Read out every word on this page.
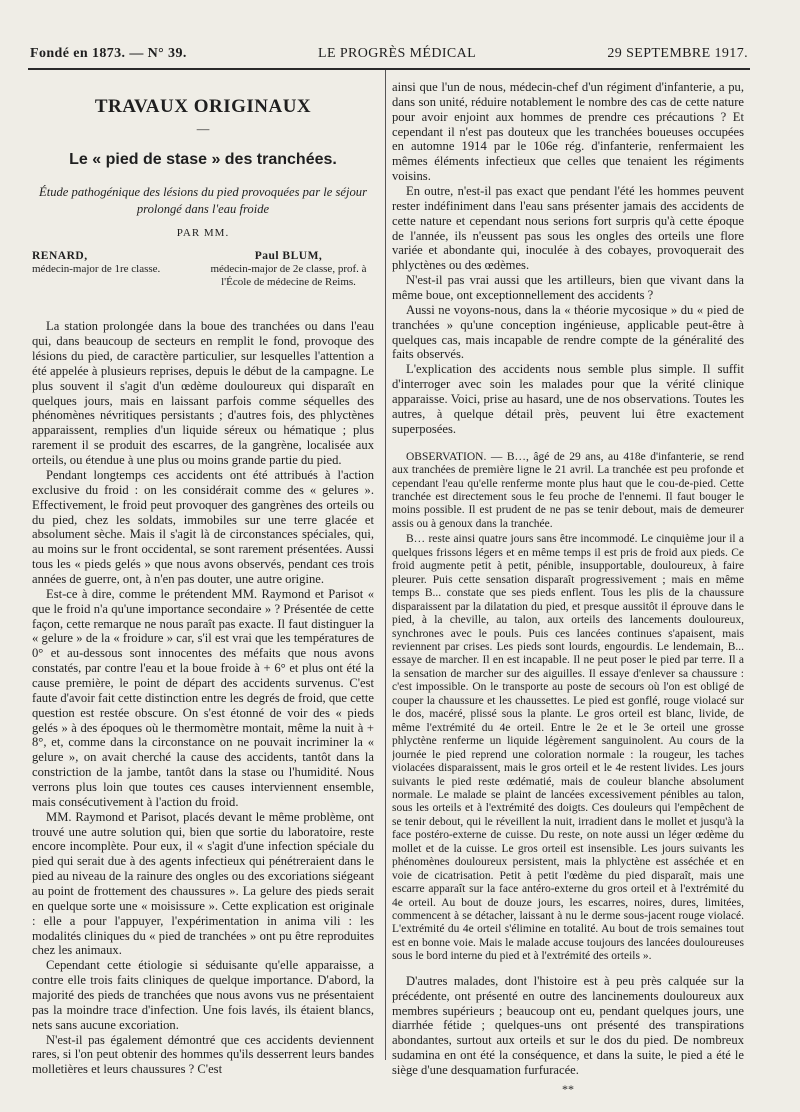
Fondé en 1873. — N° 39.	LE PROGRÈS MÉDICAL	29 SEPTEMBRE 1917.
TRAVAUX ORIGINAUX
—
Le « pied de stase » des tranchées.
Étude pathogénique des lésions du pied provoquées par le séjour prolongé dans l'eau froide
PAR MM.
RENARD,
médecin-major de 1re classe.
Paul BLUM,
médecin-major de 2e classe, prof. à l'École de médecine de Reims.

La station prolongée dans la boue des tranchées ou dans l'eau qui, dans beaucoup de secteurs en remplit le fond, provoque des lésions du pied, de caractère particulier, sur lesquelles l'attention a été appelée à plusieurs reprises, depuis le début de la campagne. Le plus souvent il s'agit d'un œdème douloureux qui disparaît en quelques jours, mais en laissant parfois comme séquelles des phénomènes névritiques persistants ; d'autres fois, des phlyctènes apparaissent, remplies d'un liquide séreux ou hématique ; plus rarement il se produit des escarres, de la gangrène, localisée aux orteils, ou étendue à une plus ou moins grande partie du pied.

Pendant longtemps ces accidents ont été attribués à l'action exclusive du froid : on les considérait comme des « gelures ». Effectivement, le froid peut provoquer des gangrènes des orteils ou du pied, chez les soldats, immobiles sur une terre glacée et absolument sèche. Mais il s'agit là de circonstances spéciales, qui, au moins sur le front occidental, se sont rarement présentées. Aussi tous les « pieds gelés » que nous avons observés, pendant ces trois années de guerre, ont, à n'en pas douter, une autre origine.

Est-ce à dire, comme le prétendent MM. Raymond et Parisot « que le froid n'a qu'une importance secondaire » ? Présentée de cette façon, cette remarque ne nous paraît pas exacte. Il faut distinguer la « gelure » de la « froidure » car, s'il est vrai que les températures de 0° et au-dessous sont innocentes des méfaits que nous avons constatés, par contre l'eau et la boue froide à + 6° et plus ont été la cause première, le point de départ des accidents survenus. C'est faute d'avoir fait cette distinction entre les degrés de froid, que cette question est restée obscure. On s'est étonné de voir des « pieds gelés » à des époques où le thermomètre montait, même la nuit à + 8°, et, comme dans la circonstance on ne pouvait incriminer la « gelure », on avait cherché la cause des accidents, tantôt dans la constriction de la jambe, tantôt dans la stase ou l'humidité. Nous verrons plus loin que toutes ces causes interviennent ensemble, mais consécutivement à l'action du froid.

MM. Raymond et Parisot, placés devant le même problème, ont trouvé une autre solution qui, bien que sortie du laboratoire, reste encore incomplète. Pour eux, il « s'agit d'une infection spéciale du pied qui serait due à des agents infectieux qui pénétreraient dans le pied au niveau de la rainure des ongles ou des excoriations siégeant au point de frottement des chaussures ». La gelure des pieds serait en quelque sorte une « moisissure ». Cette explication est originale : elle a pour l'appuyer, l'expérimentation in anima vili : les modalités cliniques du « pied de tranchées » ont pu être reproduites chez les animaux.

Cependant cette étiologie si séduisante qu'elle apparaisse, a contre elle trois faits cliniques de quelque importance. D'abord, la majorité des pieds de tranchées que nous avons vus ne présentaient pas la moindre trace d'infection. Une fois lavés, ils étaient blancs, nets sans aucune excoriation.

N'est-il pas également démontré que ces accidents deviennent rares, si l'on peut obtenir des hommes qu'ils desserrent leurs bandes molletières et leurs chaussures ? C'est

ainsi que l'un de nous, médecin-chef d'un régiment d'infanterie, a pu, dans son unité, réduire notablement le nombre des cas de cette nature pour avoir enjoint aux hommes de prendre ces précautions ? Et cependant il n'est pas douteux que les tranchées boueuses occupées en automne 1914 par le 106e rég. d'infanterie, renfermaient les mêmes éléments infectieux que celles que tenaient les régiments voisins.

En outre, n'est-il pas exact que pendant l'été les hommes peuvent rester indéfiniment dans l'eau sans présenter jamais des accidents de cette nature et cependant nous serions fort surpris qu'à cette époque de l'année, ils n'eussent pas sous les ongles des orteils une flore variée et abondante qui, inoculée à des cobayes, provoquerait des phlyctènes ou des œdèmes.

N'est-il pas vrai aussi que les artilleurs, bien que vivant dans la même boue, ont exceptionnellement des accidents ?

Aussi ne voyons-nous, dans la « théorie mycosique » du « pied de tranchées » qu'une conception ingénieuse, applicable peut-être à quelques cas, mais incapable de rendre compte de la généralité des faits observés.

L'explication des accidents nous semble plus simple. Il suffit d'interroger avec soin les malades pour que la vérité clinique apparaisse. Voici, prise au hasard, une de nos observations. Toutes les autres, à quelque détail près, peuvent lui être exactement superposées.

OBSERVATION. — B…, âgé de 29 ans, au 418e d'infanterie, se rend aux tranchées de première ligne le 21 avril. La tranchée est peu profonde et cependant l'eau qu'elle renferme monte plus haut que le cou-de-pied. Cette tranchée est directement sous le feu proche de l'ennemi. Il faut bouger le moins possible. Il est prudent de ne pas se tenir debout, mais de demeurer assis ou à genoux dans la tranchée.

B… reste ainsi quatre jours sans être incommodé. Le cinquième jour il a quelques frissons légers et en même temps il est pris de froid aux pieds. Ce froid augmente petit à petit, pénible, insupportable, douloureux, à faire pleurer. Puis cette sensation disparaît progressivement ; mais en même temps B... constate que ses pieds enflent. Tous les plis de la chaussure disparaissent par la dilatation du pied, et presque aussitôt il éprouve dans le pied, à la cheville, au talon, aux orteils des lancements douloureux, synchrones avec le pouls. Puis ces lancées continues s'apaisent, mais reviennent par crises. Les pieds sont lourds, engourdis. Le lendemain, B... essaye de marcher. Il en est incapable. Il ne peut poser le pied par terre. Il a la sensation de marcher sur des aiguilles. Il essaye d'enlever sa chaussure : c'est impossible. On le transporte au poste de secours où l'on est obligé de couper la chaussure et les chaussettes. Le pied est gonflé, rouge violacé sur le dos, macéré, plissé sous la plante. Le gros orteil est blanc, livide, de même l'extrémité du 4e orteil. Entre le 2e et le 3e orteil une grosse phlyctène renferme un liquide légèrement sanguinolent. Au cours de la journée le pied reprend une coloration normale : la rougeur, les taches violacées disparaissent, mais le gros orteil et le 4e restent livides. Les jours suivants le pied reste œdématié, mais de couleur blanche absolument normale. Le malade se plaint de lancées excessivement pénibles au talon, sous les orteils et à l'extrémité des doigts. Ces douleurs qui l'empêchent de se tenir debout, qui le réveillent la nuit, irradient dans le mollet et jusqu'à la face postéro-externe de cuisse. Du reste, on note aussi un léger œdème du mollet et de la cuisse. Le gros orteil est insensible. Les jours suivants les phénomènes douloureux persistent, mais la phlyctène est asséchée et en voie de cicatrisation. Petit à petit l'œdème du pied disparaît, mais une escarre apparaît sur la face antéro-externe du gros orteil et à l'extrémité du 4e orteil. Au bout de douze jours, les escarres, noires, dures, limitées, commencent à se détacher, laissant à nu le derme sous-jacent rouge violacé. L'extrémité du 4e orteil s'élimine en totalité. Au bout de trois semaines tout est en bonne voie. Mais le malade accuse toujours des lancées douloureuses sous le bord interne du pied et à l'extrémité des orteils ».

D'autres malades, dont l'histoire est à peu près calquée sur la précédente, ont présenté en outre des lancinements douloureux aux membres supérieurs ; beaucoup ont eu, pendant quelques jours, une diarrhée fétide ; quelques-uns ont présenté des transpirations abondantes, surtout aux orteils et sur le dos du pied. De nombreux sudamina en ont été la conséquence, et dans la suite, le pied a été le siège d'une desquamation furfuracée.

**
